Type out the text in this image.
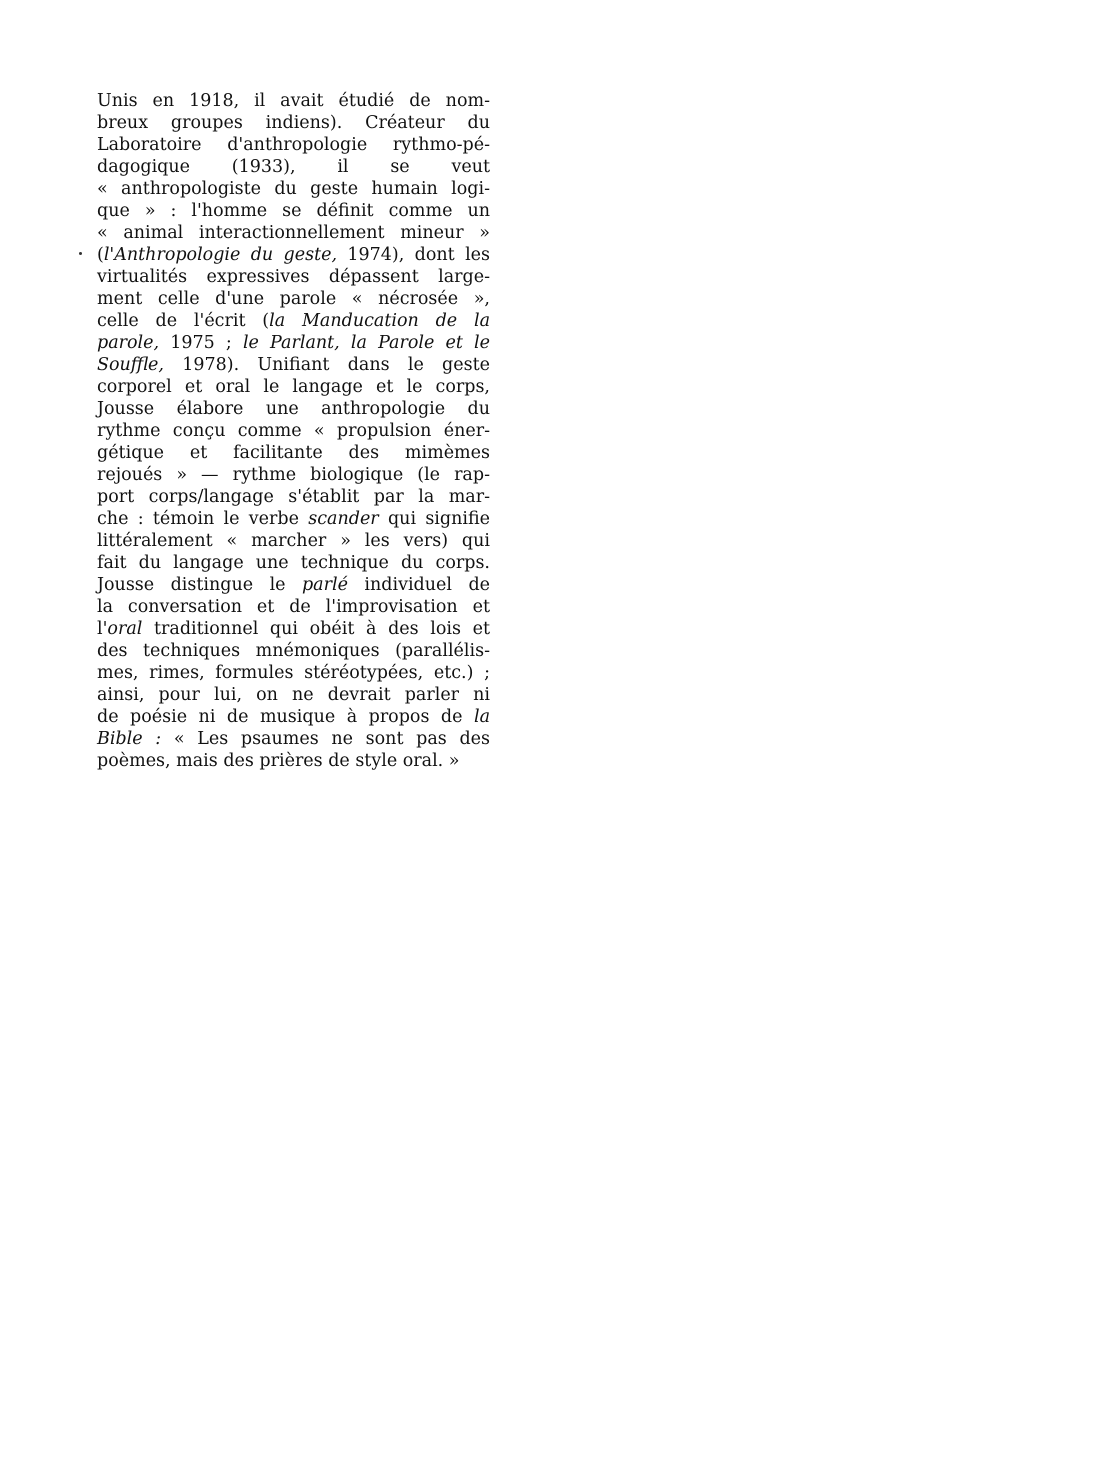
Unis en 1918, il avait étudié de nom-
breux groupes indiens). Créateur du
Laboratoire d'anthropologie rythmo-pé-
dagogique (1933), il se veut
« anthropologiste du geste humain logi-
que » : l'homme se définit comme un
« animal interactionnellement mineur »
(l'Anthropologie du geste, 1974), dont les
virtualités expressives dépassent large-
ment celle d'une parole « nécrosée »,
celle de l'écrit (la Manducation de la
parole, 1975 ; le Parlant, la Parole et le
Souffle, 1978). Unifiant dans le geste
corporel et oral le langage et le corps,
Jousse élabore une anthropologie du
rythme conçu comme « propulsion éner-
gétique et facilitante des mimèmes
rejoués » — rythme biologique (le rap-
port corps/langage s'établit par la mar-
che : témoin le verbe scander qui signifie
littéralement « marcher » les vers) qui
fait du langage une technique du corps.
Jousse distingue le parlé individuel de
la conversation et de l'improvisation et
l'oral traditionnel qui obéit à des lois et
des techniques mnémoniques (parallélis-
mes, rimes, formules stéréotypées, etc.) ;
ainsi, pour lui, on ne devrait parler ni
de poésie ni de musique à propos de la
Bible : « Les psaumes ne sont pas des
poèmes, mais des prières de style oral. »
